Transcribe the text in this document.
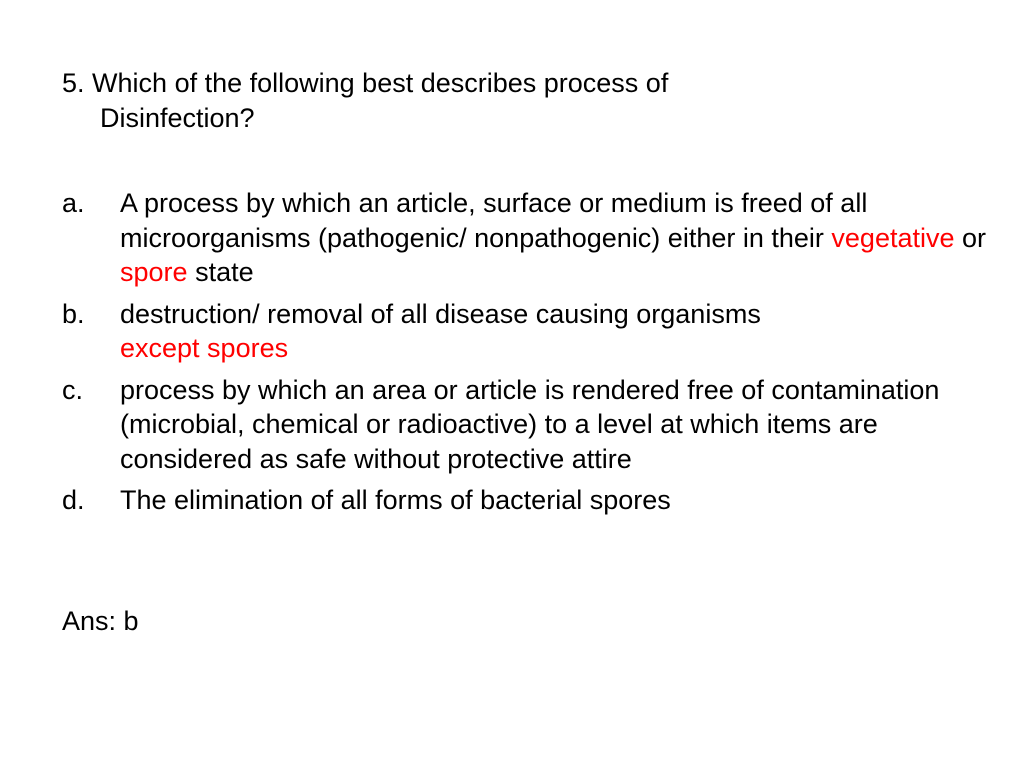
5. Which of the following best describes process of
Disinfection?
a. A process by which an article, surface or medium is freed of all microorganisms (pathogenic/ nonpathogenic) either in their vegetative or spore state
b. destruction/ removal of all disease causing organisms
except spores
c. process by which an area or article is rendered free of contamination (microbial, chemical or radioactive) to a level at which items are considered as safe without protective attire
d. The elimination of all forms of bacterial spores
Ans: b
